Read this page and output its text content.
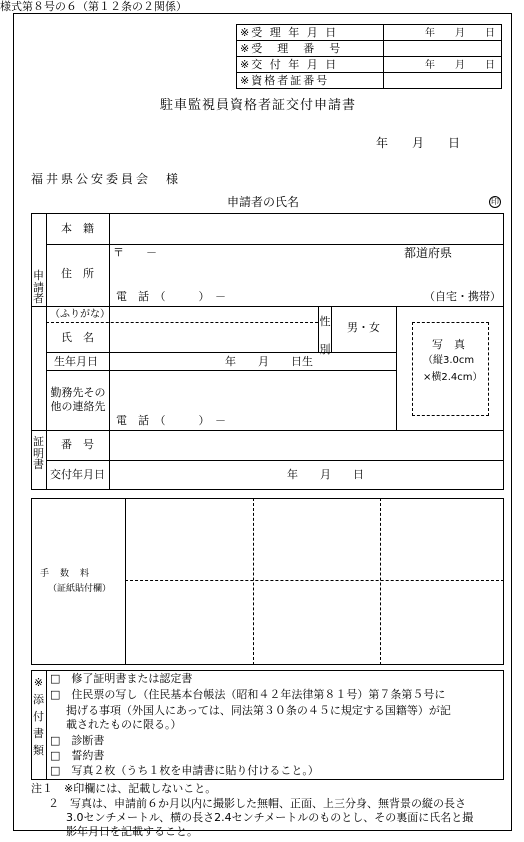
様式第８号の６（第１２条の２関係）
※受 理 年 月 日	年　　月　　日
※受　理　番　号
※交 付 年 月 日	年　　月　　日
※資格者証番号
駐車監視員資格者証交付申請書
年　　月　　日
福井県公安委員会　様
申請者の氏名	印
申請者
証明書
本　籍
〒　　－	都道府県
住　所
電　話　（　　　）　－	（自宅・携帯）
（ふりがな）
氏　名
性別
男・女
写　真
（縦3.0cm
×横2.4cm）
生年月日	年　　月　　日生
勤務先その他の連絡先
電　話　（　　　）　－
番　号
交付年月日	年　　月　　日
手　数　料
（証紙貼付欄）
※添付書類
□　修了証明書または認定書
□　住民票の写し（住民基本台帳法（昭和４２年法律第８１号）第７条第５号に
掲げる事項（外国人にあっては、同法第３０条の４５に規定する国籍等）が記
載されたものに限る。）
□　診断書
□　誓約書
□　写真２枚（うち１枚を申請書に貼り付けること。）
注１　※印欄には、記載しないこと。
２　写真は、申請前６か月以内に撮影した無帽、正面、上三分身、無背景の縦の長さ
3.0センチメートル、横の長さ2.4センチメートルのものとし、その裏面に氏名と撮
影年月日を記載すること。
